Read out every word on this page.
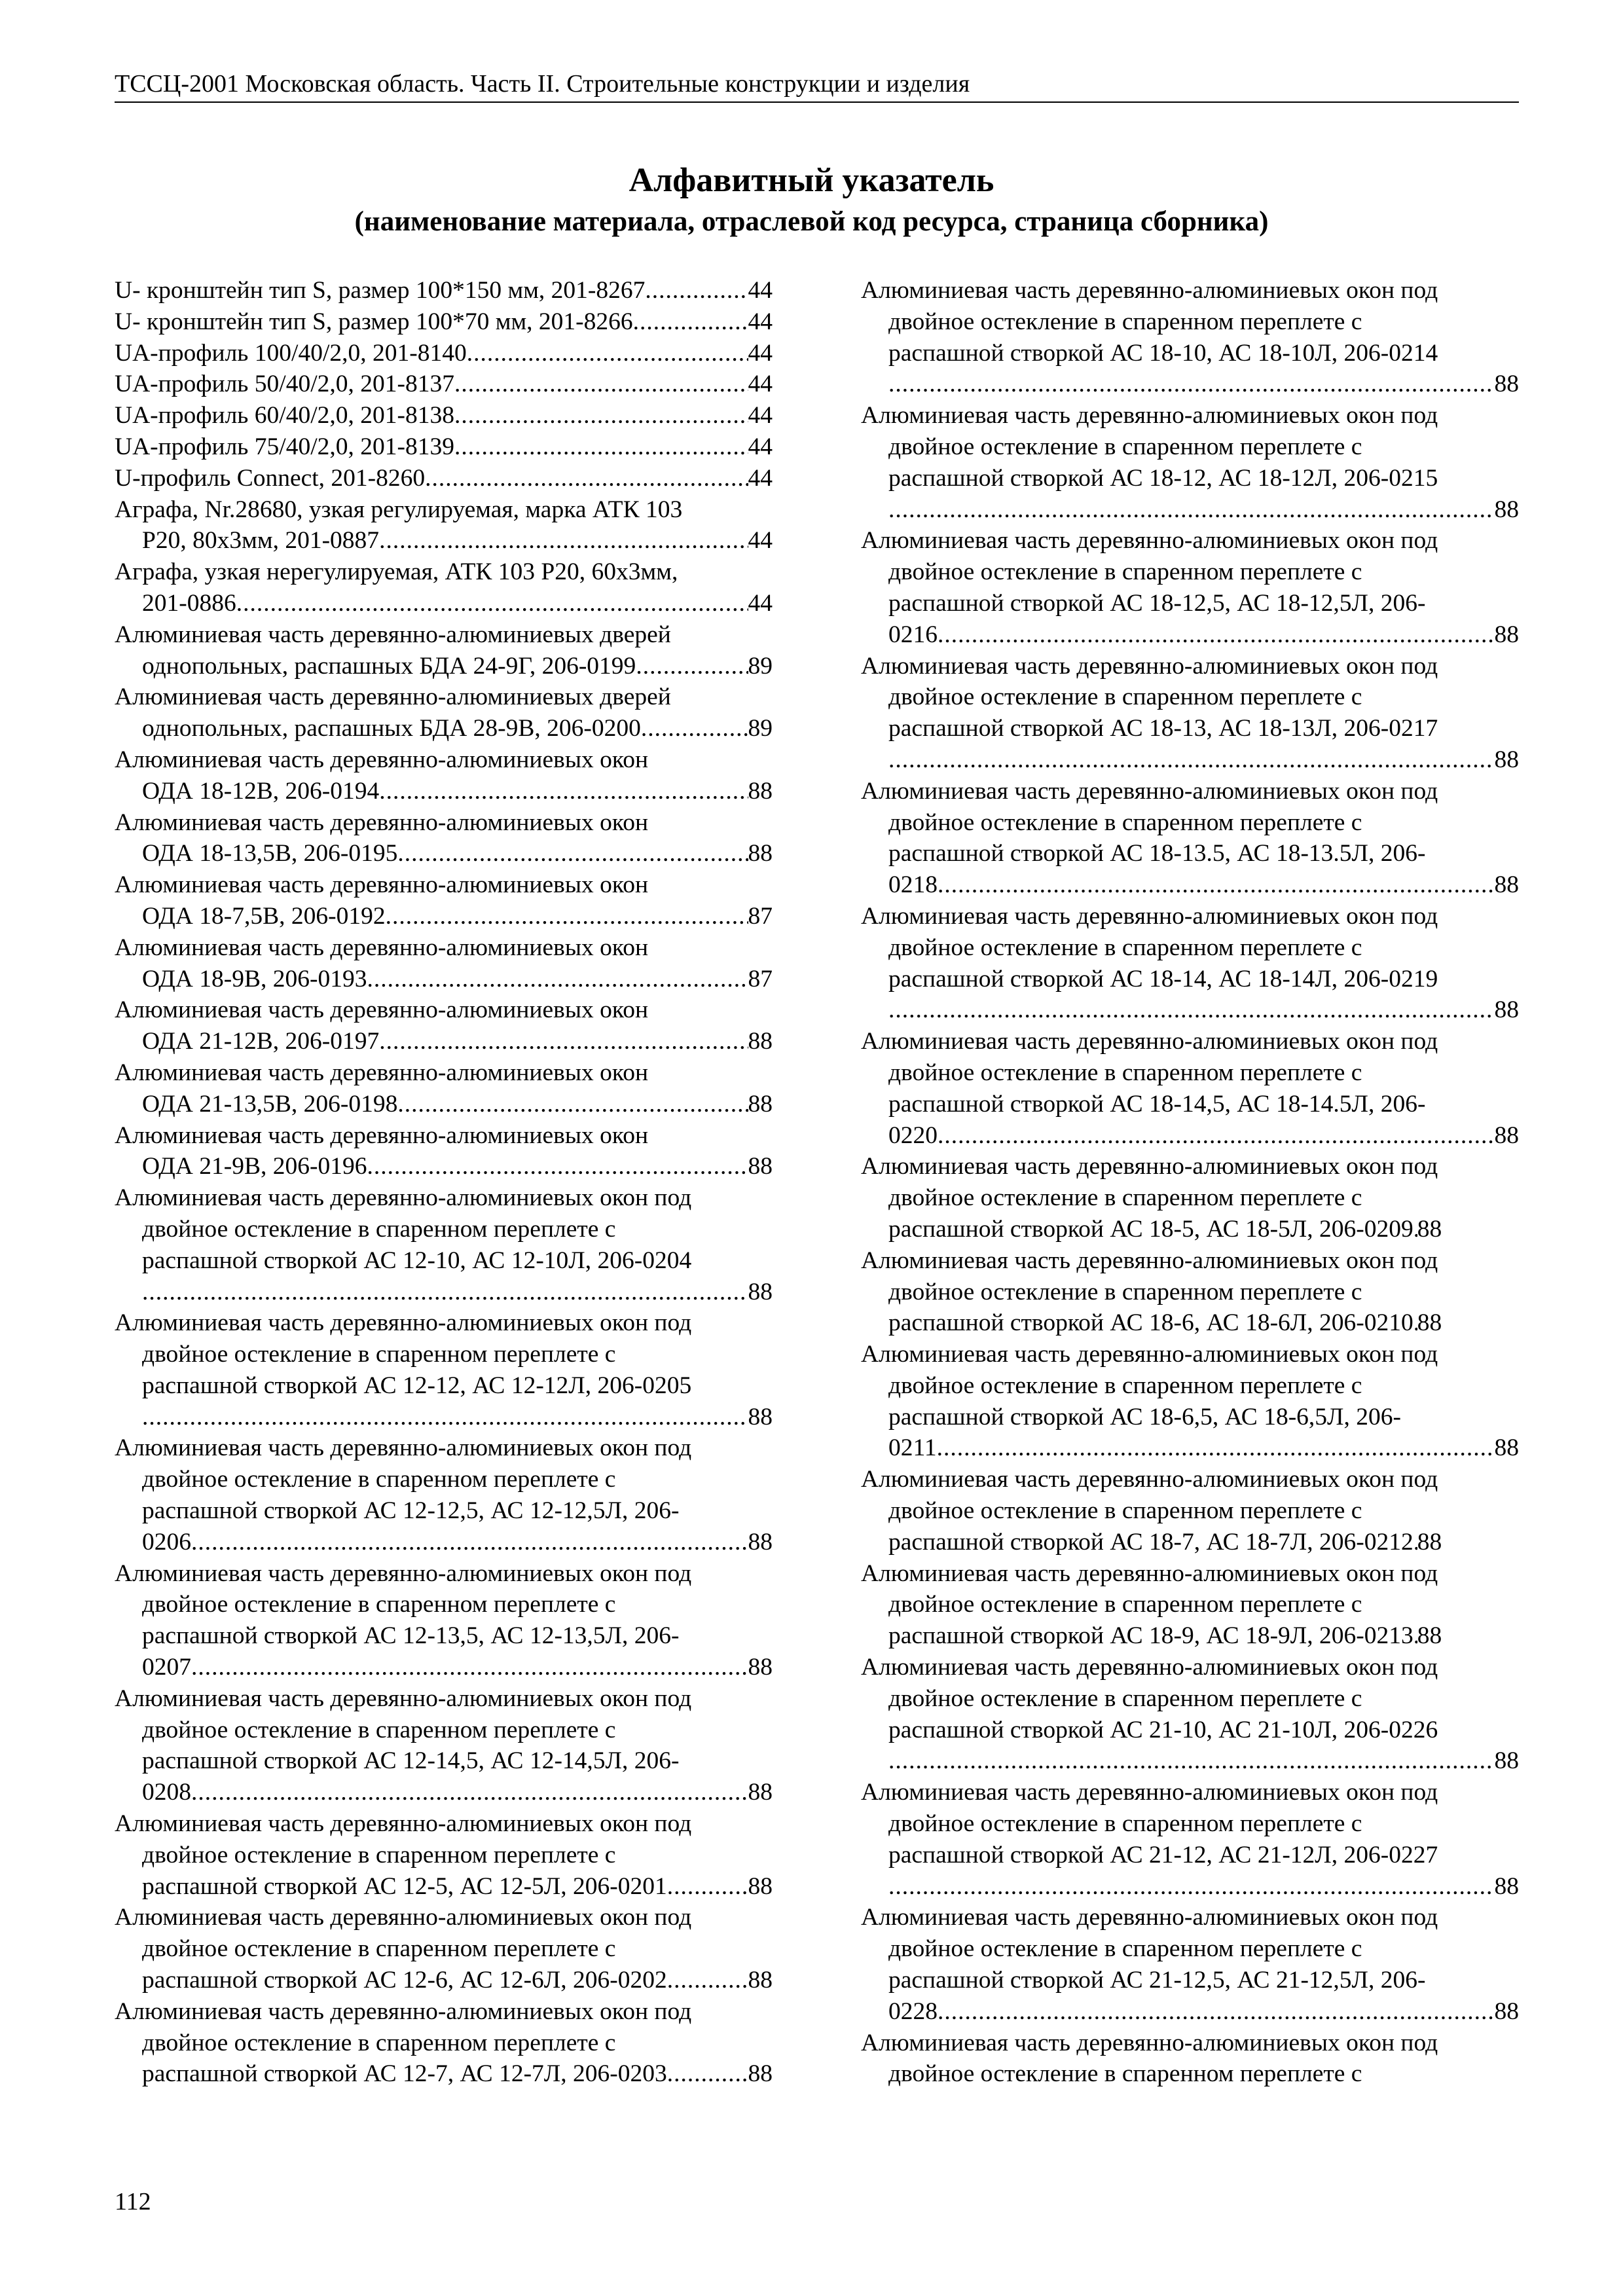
ТССЦ-2001 Московская область. Часть II. Строительные конструкции и изделия
Алфавитный указатель
(наименование материала, отраслевой код ресурса, страница сборника)
U- кронштейн тип S, размер 100*150 мм, 201-8267 .....	44
U- кронштейн тип S, размер 100*70 мм, 201-8266 .....	44
UA-профиль 100/40/2,0, 201-8140 .....	44
UA-профиль 50/40/2,0, 201-8137 .....	44
UA-профиль 60/40/2,0, 201-8138 .....	44
UA-профиль 75/40/2,0, 201-8139 .....	44
U-профиль Connect, 201-8260 .....	44
Аграфа, Nr.28680, узкая регулируемая, марка АТК 103
P20, 80х3мм, 201-0887 .....	44
Аграфа, узкая нерегулируемая, АТК 103 Р20, 60х3мм,
201-0886 .....	44
Алюминиевая часть деревянно-алюминиевых дверей
однопольных, распашных БДА 24-9Г, 206-0199 .....	89
Алюминиевая часть деревянно-алюминиевых дверей
однопольных, распашных БДА 28-9В, 206-0200 .....	89
Алюминиевая часть деревянно-алюминиевых окон
ОДА 18-12В, 206-0194 .....	88
Алюминиевая часть деревянно-алюминиевых окон
ОДА 18-13,5В, 206-0195 .....	88
Алюминиевая часть деревянно-алюминиевых окон
ОДА 18-7,5В, 206-0192 .....	87
Алюминиевая часть деревянно-алюминиевых окон
ОДА 18-9В, 206-0193 .....	87
Алюминиевая часть деревянно-алюминиевых окон
ОДА 21-12В, 206-0197 .....	88
Алюминиевая часть деревянно-алюминиевых окон
ОДА 21-13,5В, 206-0198 .....	88
Алюминиевая часть деревянно-алюминиевых окон
ОДА 21-9В, 206-0196 .....	88
Алюминиевая часть деревянно-алюминиевых окон под
двойное остекление в спаренном переплете с
распашной створкой АС 12-10, АС 12-10Л, 206-0204
.....
88
Алюминиевая часть деревянно-алюминиевых окон под
двойное остекление в спаренном переплете с
распашной створкой АС 12-12, АС 12-12Л, 206-0205
.....
88
Алюминиевая часть деревянно-алюминиевых окон под
двойное остекление в спаренном переплете с
распашной створкой АС 12-12,5, АС 12-12,5Л, 206-
0206 .....	88
Алюминиевая часть деревянно-алюминиевых окон под
двойное остекление в спаренном переплете с
распашной створкой АС 12-13,5, АС 12-13,5Л, 206-
0207 .....	88
Алюминиевая часть деревянно-алюминиевых окон под
двойное остекление в спаренном переплете с
распашной створкой АС 12-14,5, АС 12-14,5Л, 206-
0208 .....	88
Алюминиевая часть деревянно-алюминиевых окон под
двойное остекление в спаренном переплете с
распашной створкой АС 12-5, АС 12-5Л, 206-0201 .....	88
Алюминиевая часть деревянно-алюминиевых окон под
двойное остекление в спаренном переплете с
распашной створкой АС 12-6, АС 12-6Л, 206-0202 .....	88
Алюминиевая часть деревянно-алюминиевых окон под
двойное остекление в спаренном переплете с
распашной створкой АС 12-7, АС 12-7Л, 206-0203 .....	88
Алюминиевая часть деревянно-алюминиевых окон под
двойное остекление в спаренном переплете с
распашной створкой АС 18-10, АС 18-10Л, 206-0214
.....
88
Алюминиевая часть деревянно-алюминиевых окон под
двойное остекление в спаренном переплете с
распашной створкой АС 18-12, АС 18-12Л, 206-0215
.....
88
Алюминиевая часть деревянно-алюминиевых окон под
двойное остекление в спаренном переплете с
распашной створкой АС 18-12,5, АС 18-12,5Л, 206-
0216 .....	88
Алюминиевая часть деревянно-алюминиевых окон под
двойное остекление в спаренном переплете с
распашной створкой АС 18-13, АС 18-13Л, 206-0217
.....
88
Алюминиевая часть деревянно-алюминиевых окон под
двойное остекление в спаренном переплете с
распашной створкой АС 18-13.5, АС 18-13.5Л, 206-
0218 .....	88
Алюминиевая часть деревянно-алюминиевых окон под
двойное остекление в спаренном переплете с
распашной створкой АС 18-14, АС 18-14Л, 206-0219
.....
88
Алюминиевая часть деревянно-алюминиевых окон под
двойное остекление в спаренном переплете с
распашной створкой АС 18-14,5, АС 18-14.5Л, 206-
0220 .....	88
Алюминиевая часть деревянно-алюминиевых окон под
двойное остекление в спаренном переплете с
распашной створкой АС 18-5, АС 18-5Л, 206-0209 ..... 88
Алюминиевая часть деревянно-алюминиевых окон под
двойное остекление в спаренном переплете с
распашной створкой АС 18-6, АС 18-6Л, 206-0210 ..... 88
Алюминиевая часть деревянно-алюминиевых окон под
двойное остекление в спаренном переплете с
распашной створкой АС 18-6,5, АС 18-6,5Л, 206-
0211 .....	88
Алюминиевая часть деревянно-алюминиевых окон под
двойное остекление в спаренном переплете с
распашной створкой АС 18-7, АС 18-7Л, 206-0212 ..... 88
Алюминиевая часть деревянно-алюминиевых окон под
двойное остекление в спаренном переплете с
распашной створкой АС 18-9, АС 18-9Л, 206-0213 ..... 88
Алюминиевая часть деревянно-алюминиевых окон под
двойное остекление в спаренном переплете с
распашной створкой АС 21-10, АС 21-10Л, 206-0226
.....
88
Алюминиевая часть деревянно-алюминиевых окон под
двойное остекление в спаренном переплете с
распашной створкой АС 21-12, АС 21-12Л, 206-0227
.....
88
Алюминиевая часть деревянно-алюминиевых окон под
двойное остекление в спаренном переплете с
распашной створкой АС 21-12,5, АС 21-12,5Л, 206-
0228 .....	88
Алюминиевая часть деревянно-алюминиевых окон под
двойное остекление в спаренном переплете с
112
